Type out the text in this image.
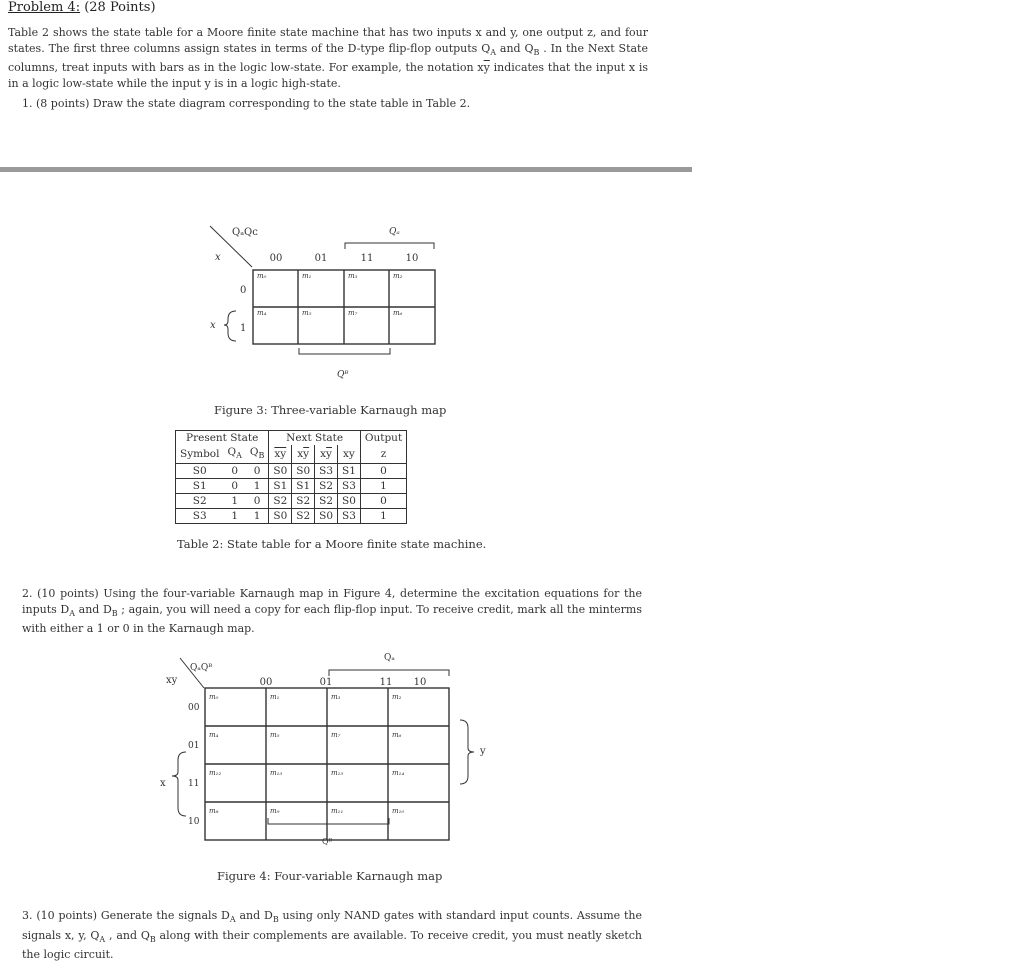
Problem 4: (28 Points)
Table 2 shows the state table for a Moore finite state machine that has two inputs x and y, one output z, and four states. The first three columns assign states in terms of the D-type flip-flop outputs $Q_A$ and $Q_B$ . In the Next State columns, treat inputs with bars as in the logic low-state. For example, the notation $x\overline{y}$ indicates that the input x is in a logic low-state while the input y is in a logic high-state.
1. (8 points) Draw the state diagram corresponding to the state table in Table 2.
QₐQᴄ
x
Qₐ
00	01	11	10
0
1
m₀	m₁	m₃	m₂
m₄	m₅	m₇	m₆
x
Qᴮ
Figure 3: Three-variable Karnaugh map
Present State			Next State				Output
Symbol	$Q_A$	$Q_B$	$\overline{xy}$	$x\overline{y}$	$x\overline{y}$	xy	z
S0	0	0	S0	S0	S3	S1	0
S1	0	1	S1	S1	S2	S3	1
S2	1	0	S2	S2	S2	S0	0
S3	1	1	S0	S2	S0	S3	1
Table 2: State table for a Moore finite state machine.
2. (10 points) Using the four-variable Karnaugh map in Figure 4, determine the excitation equations for the inputs $D_A$ and $D_B$ ; again, you will need a copy for each flip-flop input. To receive credit, mark all the minterms with either a 1 or 0 in the Karnaugh map.
QₐQᴮ
xy
Qₐ
00	01	11 10
00
01
11
10
m₀	m₁	m₃	m₂
m₄	m₅	m₇	m₆
m₁₂	m₁₃	m₁₅	m₁₄
m₈	m₉	m₁₁	m₁₀
x
y
Qᴮ
Figure 4: Four-variable Karnaugh map
3. (10 points) Generate the signals $D_A$ and $D_B$ using only NAND gates with standard input counts. Assume the signals x, y, $Q_A$ , and $Q_B$ along with their complements are available. To receive credit, you must neatly sketch the logic circuit.
